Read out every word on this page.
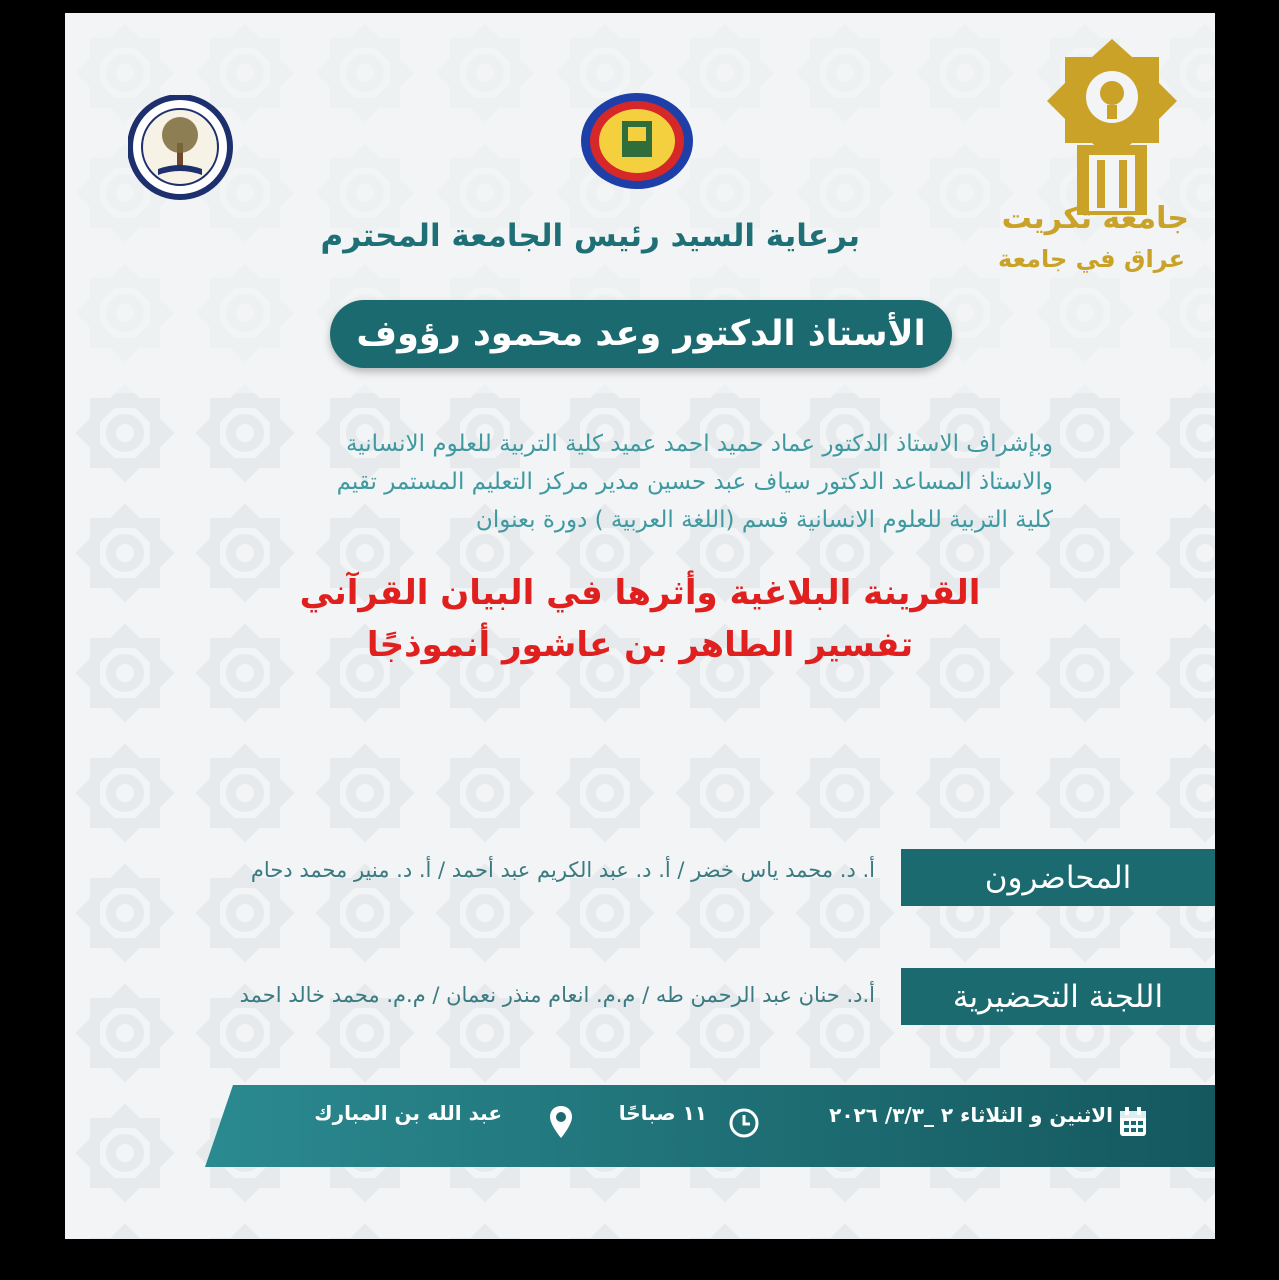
جامعة تكريت
عراق في جامعة
برعاية السيد رئيس الجامعة المحترم
الأستاذ الدكتور وعد محمود رؤوف
وبإشراف الاستاذ الدكتور عماد حميد احمد عميد كلية التربية للعلوم الانسانية
والاستاذ المساعد الدكتور سياف عبد حسين مدير مركز التعليم المستمر تقيم
كلية التربية للعلوم الانسانية قسم (اللغة العربية ) دورة بعنوان
القرينة البلاغية وأثرها في البيان القرآني
تفسير الطاهر بن عاشور أنموذجًا
المحاضرون
أ. د. محمد ياس خضر / أ. د. عبد الكريم عبد أحمد / أ. د. منير محمد دحام
اللجنة التحضيرية
أ.د. حنان عبد الرحمن طه / م.م. انعام منذر نعمان / م.م. محمد خالد احمد
الاثنين و الثلاثاء ٢ _٣/٣/ ٢٠٢٦
١١ صباحًا
عبد الله بن المبارك
